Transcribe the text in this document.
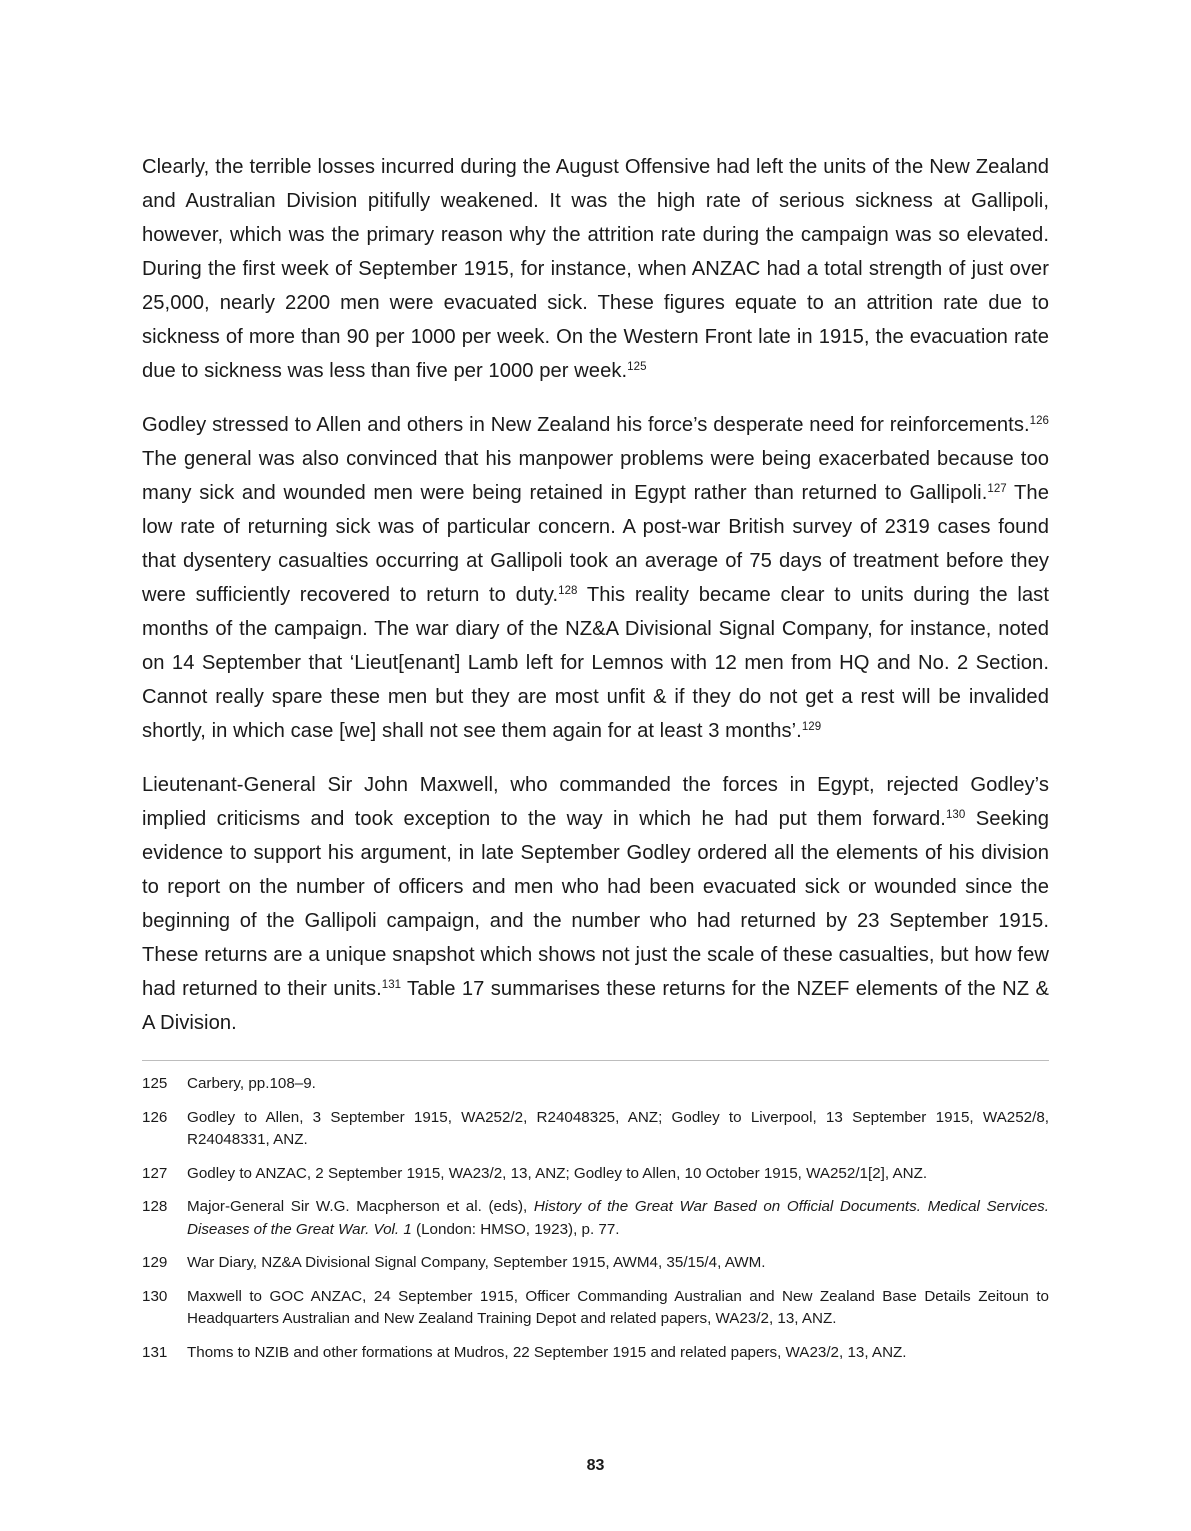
Clearly, the terrible losses incurred during the August Offensive had left the units of the New Zealand and Australian Division pitifully weakened. It was the high rate of serious sickness at Gallipoli, however, which was the primary reason why the attrition rate during the campaign was so elevated. During the first week of September 1915, for instance, when ANZAC had a total strength of just over 25,000, nearly 2200 men were evacuated sick. These figures equate to an attrition rate due to sickness of more than 90 per 1000 per week. On the Western Front late in 1915, the evacuation rate due to sickness was less than five per 1000 per week.$^{125}$

Godley stressed to Allen and others in New Zealand his force’s desperate need for reinforcements.$^{126}$ The general was also convinced that his manpower problems were being exacerbated because too many sick and wounded men were being retained in Egypt rather than returned to Gallipoli.$^{127}$ The low rate of returning sick was of particular concern. A post-war British survey of 2319 cases found that dysentery casualties occurring at Gallipoli took an average of 75 days of treatment before they were sufficiently recovered to return to duty.$^{128}$ This reality became clear to units during the last months of the campaign. The war diary of the NZ&A Divisional Signal Company, for instance, noted on 14 September that ‘Lieut[enant] Lamb left for Lemnos with 12 men from HQ and No. 2 Section. Cannot really spare these men but they are most unfit & if they do not get a rest will be invalided shortly, in which case [we] shall not see them again for at least 3 months’.$^{129}$

Lieutenant-General Sir John Maxwell, who commanded the forces in Egypt, rejected Godley’s implied criticisms and took exception to the way in which he had put them forward.$^{130}$ Seeking evidence to support his argument, in late September Godley ordered all the elements of his division to report on the number of officers and men who had been evacuated sick or wounded since the beginning of the Gallipoli campaign, and the number who had returned by 23 September 1915. These returns are a unique snapshot which shows not just the scale of these casualties, but how few had returned to their units.$^{131}$ Table 17 summarises these returns for the NZEF elements of the NZ & A Division.

125	Carbery, pp.108–9.
126	Godley to Allen, 3 September 1915, WA252/2, R24048325, ANZ; Godley to Liverpool, 13 September 1915, WA252/8, R24048331, ANZ.
127	Godley to ANZAC, 2 September 1915, WA23/2, 13, ANZ; Godley to Allen, 10 October 1915, WA252/1[2], ANZ.
128	Major-General Sir W.G. Macpherson et al. (eds), History of the Great War Based on Official Documents. Medical Services. Diseases of the Great War. Vol. 1 (London: HMSO, 1923), p. 77.
129	War Diary, NZ&A Divisional Signal Company, September 1915, AWM4, 35/15/4, AWM.
130	Maxwell to GOC ANZAC, 24 September 1915, Officer Commanding Australian and New Zealand Base Details Zeitoun to Headquarters Australian and New Zealand Training Depot and related papers, WA23/2, 13, ANZ.
131	Thoms to NZIB and other formations at Mudros, 22 September 1915 and related papers, WA23/2, 13, ANZ.
83
